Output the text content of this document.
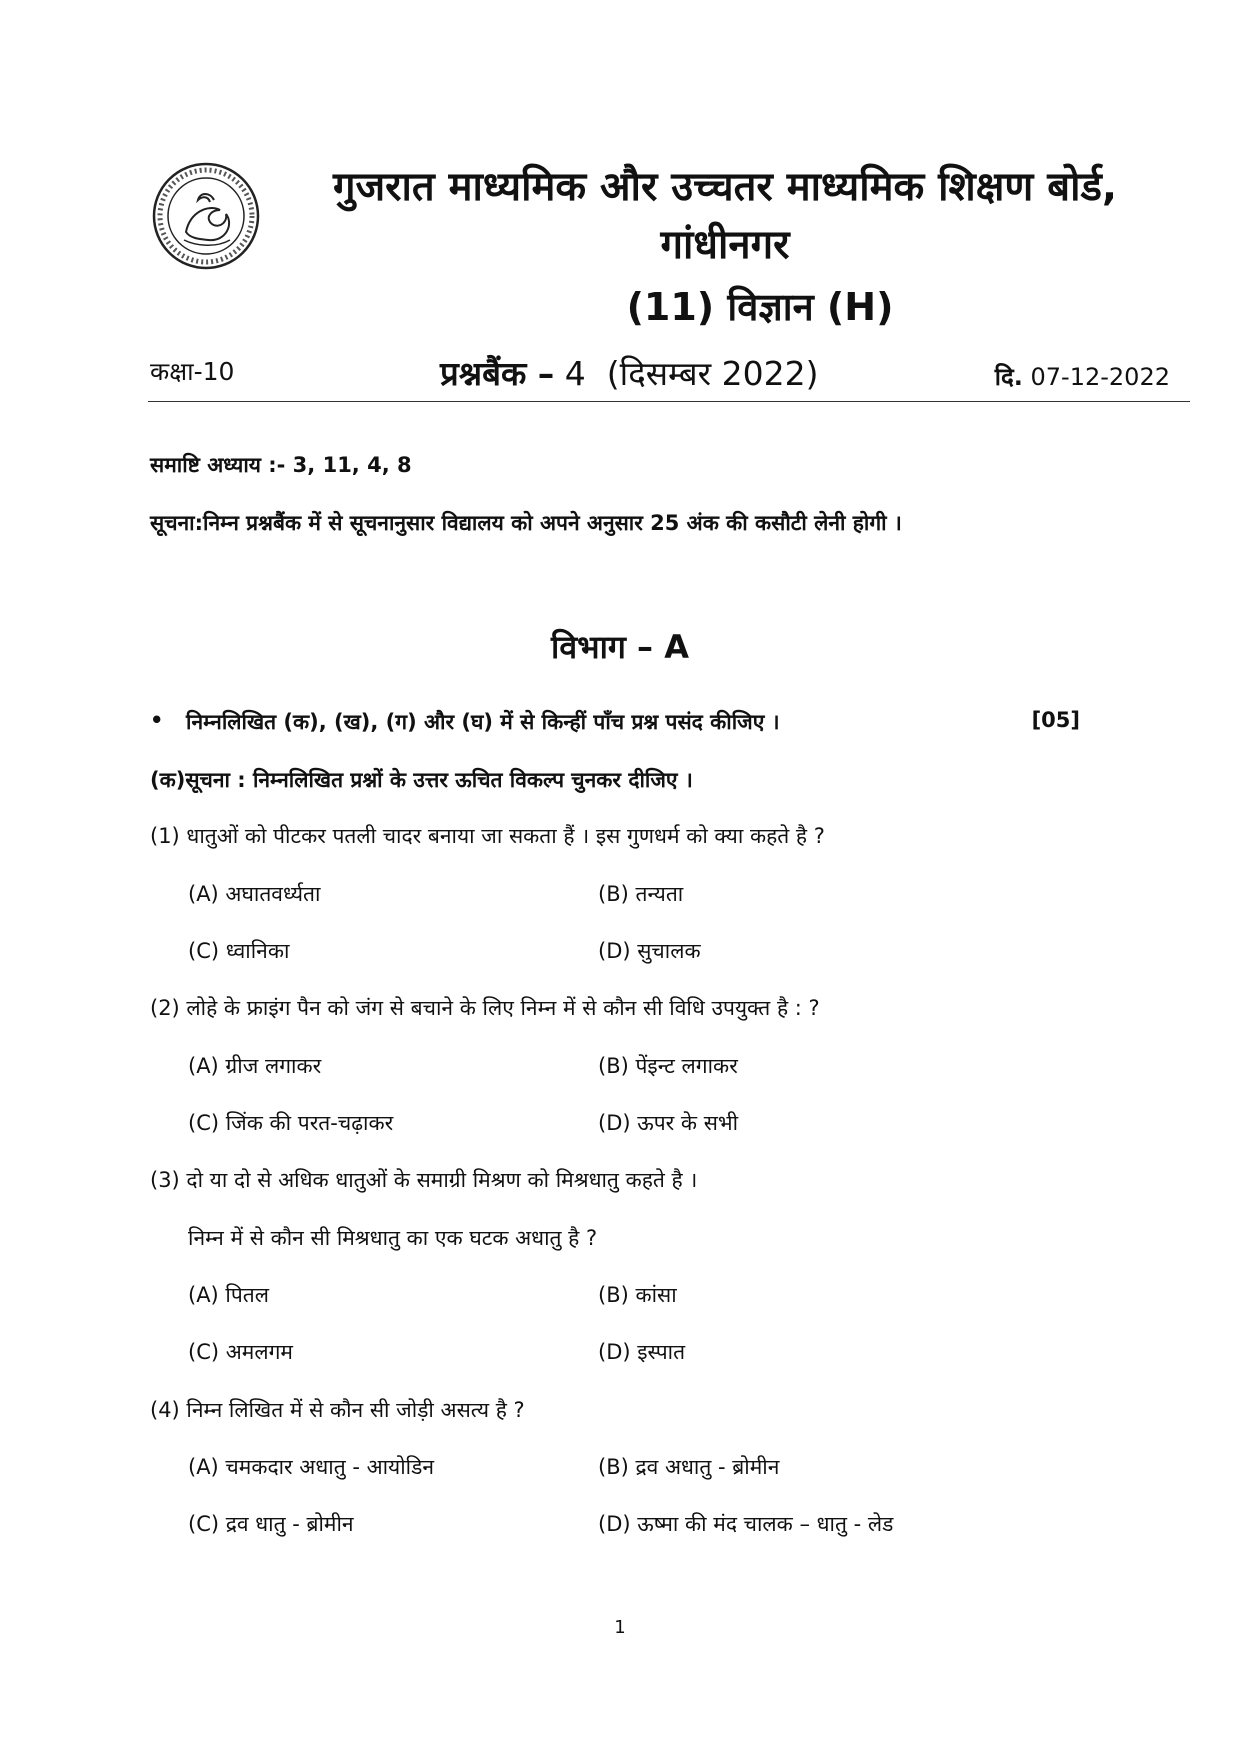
गुजरात माध्यमिक और उच्चतर माध्यमिक शिक्षण बोर्ड, गांधीनगर
(11) विज्ञान (H)
कक्षा-10	प्रश्नबैंक – 4 (दिसम्बर 2022)	दि. 07-12-2022
समाष्टि अध्याय :- 3, 11, 4, 8
सूचना:निम्न प्रश्नबैंक में से सूचनानुसार विद्यालय को अपने अनुसार 25 अंक की कसौटी लेनी होगी ।
विभाग – A
• निम्नलिखित (क), (ख), (ग) और (घ) में से किन्हीं पाँच प्रश्न पसंद कीजिए ।	[05]
(क)सूचना : निम्नलिखित प्रश्नों के उत्तर ऊचित विकल्प चुनकर दीजिए ।
(1) धातुओं को पीटकर पतली चादर बनाया जा सकता हैं । इस गुणधर्म को क्या कहते है ?
(A) अघातवर्ध्यता	(B) तन्यता
(C) ध्वानिका	(D) सुचालक
(2) लोहे के फ्राइंग पैन को जंग से बचाने के लिए निम्न में से कौन सी विधि उपयुक्त है : ?
(A) ग्रीज लगाकर	(B) पेंइन्ट लगाकर
(C) जिंक की परत-चढ़ाकर	(D) ऊपर के सभी
(3) दो या दो से अधिक धातुओं के समाग्री मिश्रण को मिश्रधातु कहते है ।
निम्न में से कौन सी मिश्रधातु का एक घटक अधातु है ?
(A) पितल	(B) कांसा
(C) अमलगम	(D) इस्पात
(4) निम्न लिखित में से कौन सी जोड़ी असत्य है ?
(A) चमकदार अधातु - आयोडिन	(B) द्रव अधातु - ब्रोमीन
(C) द्रव धातु - ब्रोमीन	(D) ऊष्मा की मंद चालक – धातु - लेड
1
